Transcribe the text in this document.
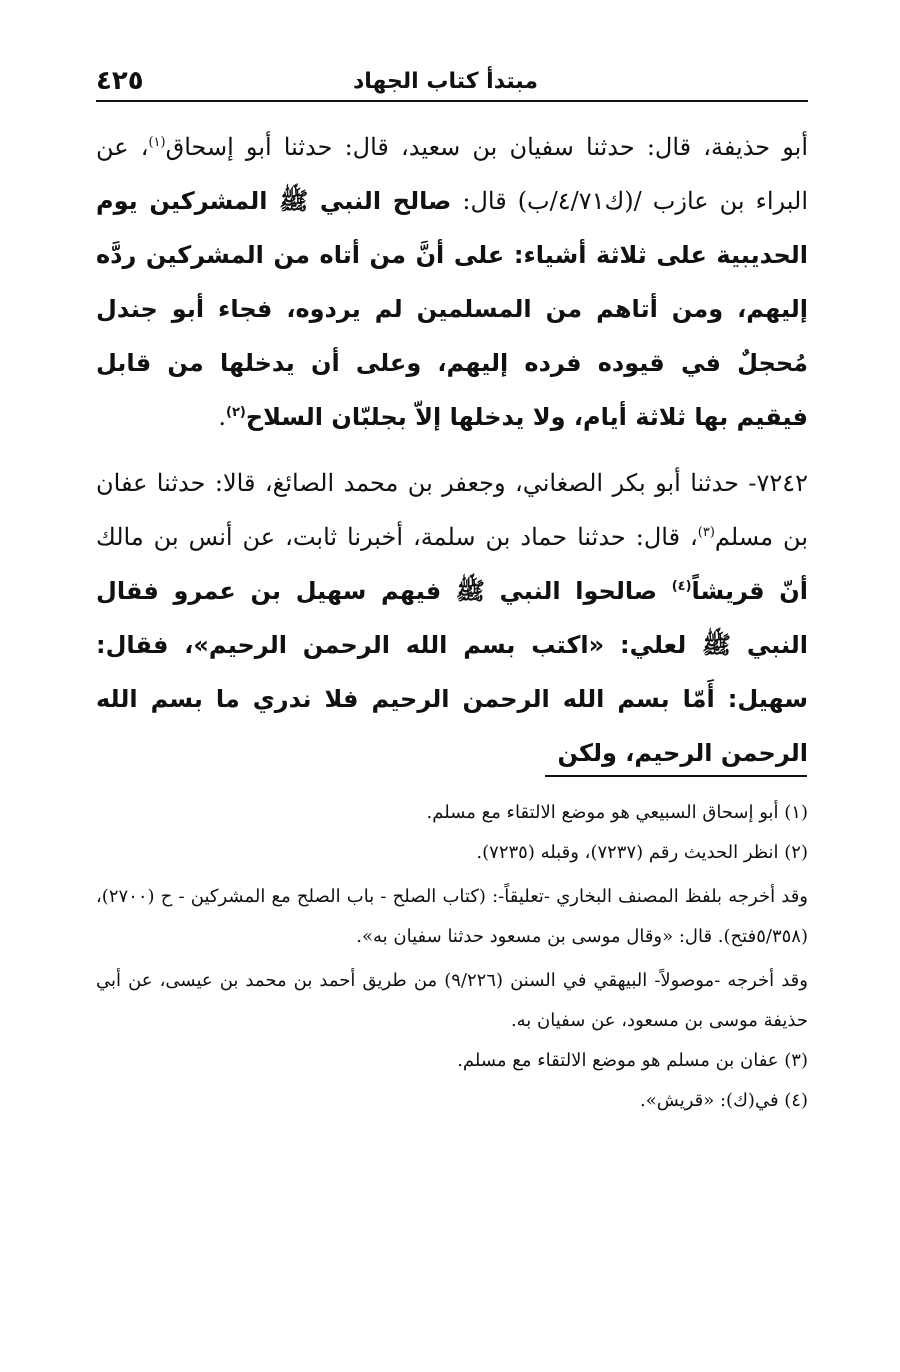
٤٢٥	مبتدأ كتاب الجهاد

أبو حذيفة، قال: حدثنا سفيان بن سعيد، قال: حدثنا أبو إسحاق$^{(١)}$، عن البراء بن عازب /(ك٤/٧١/ب) قال: صالح النبي ﷺ المشركين يوم الحديبية على ثلاثة أشياء: على أنَّ من أتاه من المشركين ردَّه إليهم، ومن أتاهم من المسلمين لم يردوه، فجاء أبو جندل مُحجلٌ في قيوده فرده إليهم، وعلى أن يدخلها من قابل فيقيم بها ثلاثة أيام، ولا يدخلها إلاّ بجلبّان السلاح$^{(٢)}$.

٧٢٤٢- حدثنا أبو بكر الصغاني، وجعفر بن محمد الصائغ، قالا: حدثنا عفان بن مسلم$^{(٣)}$، قال: حدثنا حماد بن سلمة، أخبرنا ثابت، عن أنس بن مالك أنّ قريشاً$^{(٤)}$ صالحوا النبي ﷺ فيهم سهيل بن عمرو فقال النبي ﷺ لعلي: «اكتب بسم الله الرحمن الرحيم»، فقال: سهيل: أَمّا بسم الله الرحمن الرحيم فلا ندري ما بسم الله الرحمن الرحيم، ولكن

(١) أبو إسحاق السبيعي هو موضع الالتقاء مع مسلم.

(٢) انظر الحديث رقم (٧٢٣٧)، وقبله (٧٢٣٥).

وقد أخرجه بلفظ المصنف البخاري -تعليقاً-: (كتاب الصلح - باب الصلح مع المشركين - ح (٢٧٠٠)، (٥/٣٥٨فتح). قال: «وقال موسى بن مسعود حدثنا سفيان به».

وقد أخرجه -موصولاً- البيهقي في السنن (٩/٢٢٦) من طريق أحمد بن محمد بن عيسى، عن أبي حذيفة موسى بن مسعود، عن سفيان به.

(٣) عفان بن مسلم هو موضع الالتقاء مع مسلم.

(٤) في(ك): «قريش».
